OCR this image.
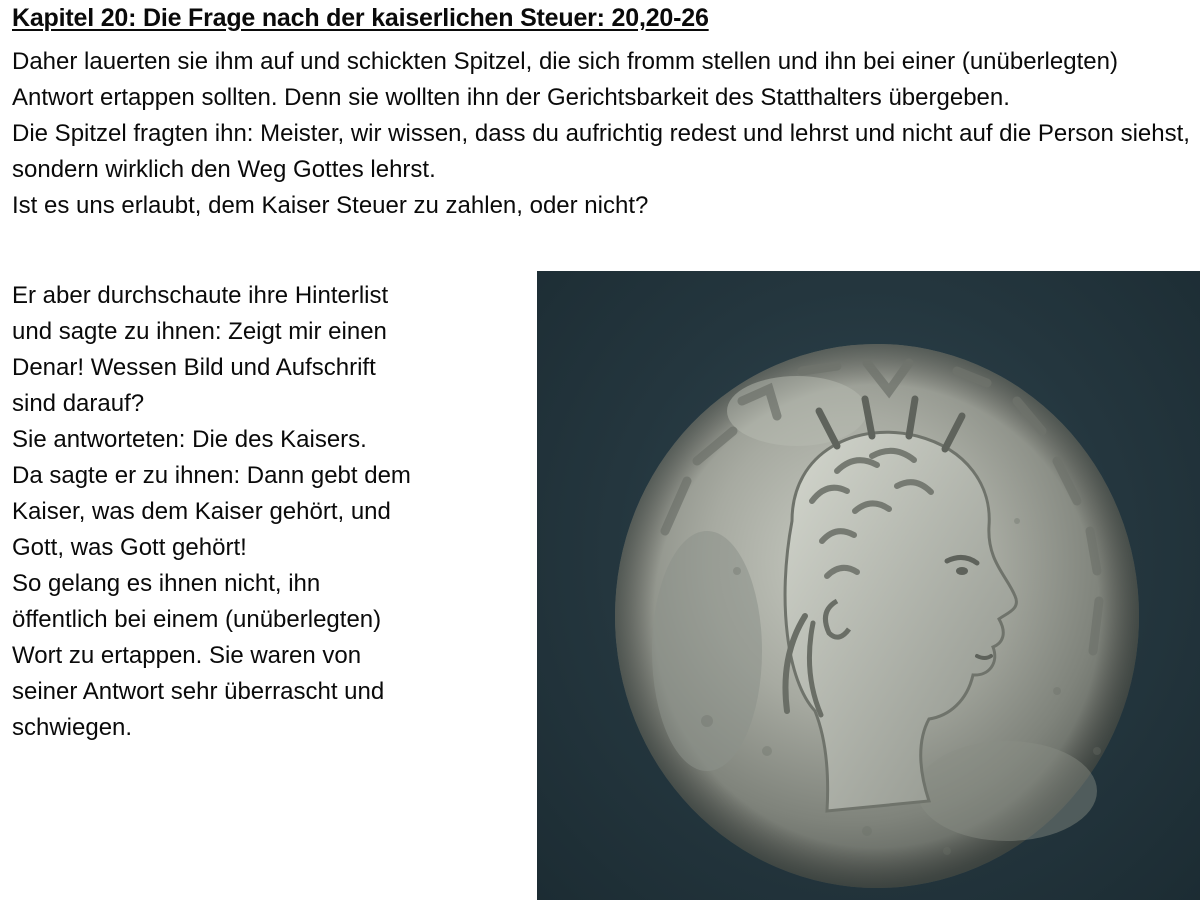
Kapitel 20: Die Frage nach der kaiserlichen Steuer: 20,20-26

Daher lauerten sie ihm auf und schickten Spitzel, die sich fromm stellen und ihn bei einer (unüberlegten) Antwort ertappen sollten. Denn sie wollten ihn der Gerichtsbarkeit des Statthalters übergeben.

Die Spitzel fragten ihn: Meister, wir wissen, dass du aufrichtig redest und lehrst und nicht auf die Person siehst, sondern wirklich den Weg Gottes lehrst.

Ist es uns erlaubt, dem Kaiser Steuer zu zahlen, oder nicht?

Er aber durchschaute ihre Hinterlist und sagte zu ihnen: Zeigt mir einen Denar! Wessen Bild und Aufschrift sind darauf?

Sie antworteten: Die des Kaisers.

Da sagte er zu ihnen: Dann gebt dem Kaiser, was dem Kaiser gehört, und Gott, was Gott gehört!

So gelang es ihnen nicht, ihn öffentlich bei einem (unüberlegten) Wort zu ertappen. Sie waren von seiner Antwort sehr überrascht und schwiegen.
